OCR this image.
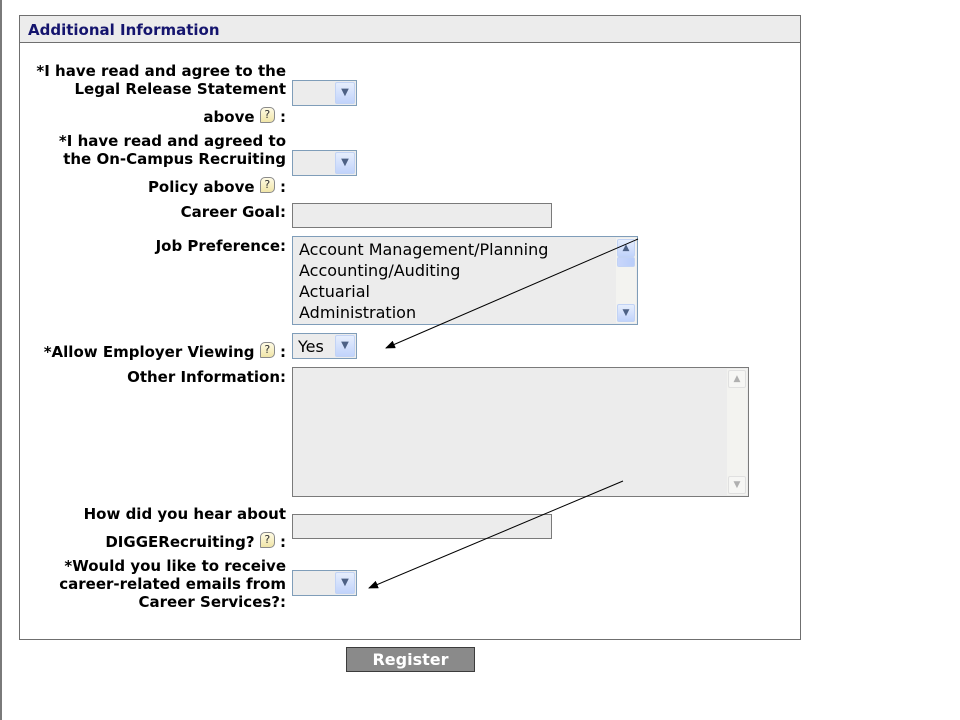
Additional Information
*I have read and agree to the
Legal Release Statement
above ? :
▼
*I have read and agreed to
the On-Campus Recruiting
Policy above ? :
▼
Career Goal:
Job Preference: Account Management/Planning
Accounting/Auditing
Actuarial
Administration
▲
▼
*Allow Employer Viewing ? : Yes	▼
Other Information:	▲
▼
How did you hear about
DIGGERecruiting? ? :
*Would you like to receive
career-related emails from
Career Services?:
▼
Register
